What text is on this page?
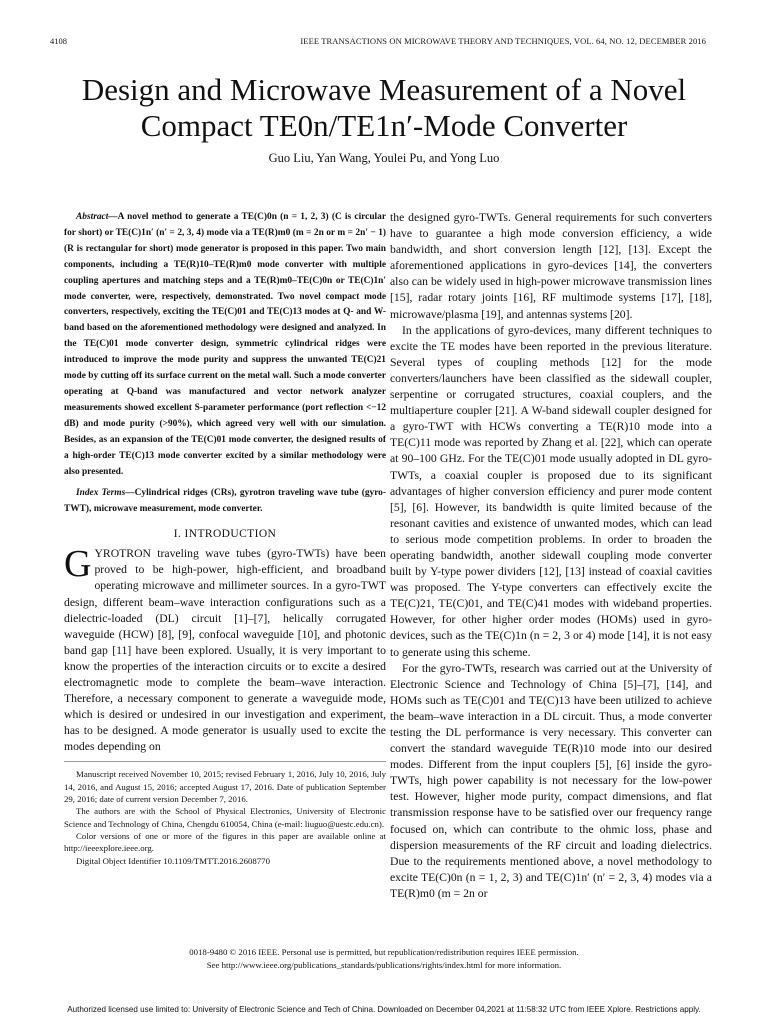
4108	IEEE TRANSACTIONS ON MICROWAVE THEORY AND TECHNIQUES, VOL. 64, NO. 12, DECEMBER 2016
Design and Microwave Measurement of a Novel
Compact TE0n/TE1n′-Mode Converter
Guo Liu, Yan Wang, Youlei Pu, and Yong Luo

Abstract—A novel method to generate a TE(C)0n (n = 1, 2, 3) (C is circular for short) or TE(C)1n′ (n′ = 2, 3, 4) mode via a TE(R)m0 (m = 2n or m = 2n′ − 1) (R is rectangular for short) mode generator is proposed in this paper. Two main components, including a TE(R)10–TE(R)m0 mode converter with multiple coupling apertures and matching steps and a TE(R)m0–TE(C)0n or TE(C)1n′ mode converter, were, respectively, demonstrated. Two novel compact mode converters, respectively, exciting the TE(C)01 and TE(C)13 modes at Q- and W-band based on the aforementioned methodology were designed and analyzed. In the TE(C)01 mode converter design, symmetric cylindrical ridges were introduced to improve the mode purity and suppress the unwanted TE(C)21 mode by cutting off its surface current on the metal wall. Such a mode converter operating at Q-band was manufactured and vector network analyzer measurements showed excellent S-parameter performance (port reflection <−12 dB) and mode purity (>90%), which agreed very well with our simulation. Besides, as an expansion of the TE(C)01 mode converter, the designed results of a high-order TE(C)13 mode converter excited by a similar methodology were also presented.

Index Terms—Cylindrical ridges (CRs), gyrotron traveling wave tube (gyro-TWT), microwave measurement, mode converter.

I. INTRODUCTION

GYROTRON traveling wave tubes (gyro-TWTs) have been proved to be high-power, high-efficient, and broadband operating microwave and millimeter sources. In a gyro-TWT design, different beam–wave interaction configurations such as a dielectric-loaded (DL) circuit [1]–[7], helically corrugated waveguide (HCW) [8], [9], confocal waveguide [10], and photonic band gap [11] have been explored. Usually, it is very important to know the properties of the interaction circuits or to excite a desired electromagnetic mode to complete the beam–wave interaction. Therefore, a necessary component to generate a waveguide mode, which is desired or undesired in our investigation and experiment, has to be designed. A mode generator is usually used to excite the modes depending on

Manuscript received November 10, 2015; revised February 1, 2016, July 10, 2016, July 14, 2016, and August 15, 2016; accepted August 17, 2016. Date of publication September 29, 2016; date of current version December 7, 2016.

The authors are with the School of Physical Electronics, University of Electronic Science and Technology of China, Chengdu 610054, China (e-mail: liuguo@uestc.edu.cn).

Color versions of one or more of the figures in this paper are available online at http://ieeexplore.ieee.org.

Digital Object Identifier 10.1109/TMTT.2016.2608770

the designed gyro-TWTs. General requirements for such converters have to guarantee a high mode conversion efficiency, a wide bandwidth, and short conversion length [12], [13]. Except the aforementioned applications in gyro-devices [14], the converters also can be widely used in high-power microwave transmission lines [15], radar rotary joints [16], RF multimode systems [17], [18], microwave/plasma [19], and antennas systems [20].

In the applications of gyro-devices, many different techniques to excite the TE modes have been reported in the previous literature. Several types of coupling methods [12] for the mode converters/launchers have been classified as the sidewall coupler, serpentine or corrugated structures, coaxial couplers, and the multiaperture coupler [21]. A W-band sidewall coupler designed for a gyro-TWT with HCWs converting a TE(R)10 mode into a TE(C)11 mode was reported by Zhang et al. [22], which can operate at 90–100 GHz. For the TE(C)01 mode usually adopted in DL gyro-TWTs, a coaxial coupler is proposed due to its significant advantages of higher conversion efficiency and purer mode content [5], [6]. However, its bandwidth is quite limited because of the resonant cavities and existence of unwanted modes, which can lead to serious mode competition problems. In order to broaden the operating bandwidth, another sidewall coupling mode converter built by Y-type power dividers [12], [13] instead of coaxial cavities was proposed. The Y-type converters can effectively excite the TE(C)21, TE(C)01, and TE(C)41 modes with wideband properties. However, for other higher order modes (HOMs) used in gyro-devices, such as the TE(C)1n (n = 2, 3 or 4) mode [14], it is not easy to generate using this scheme.

For the gyro-TWTs, research was carried out at the University of Electronic Science and Technology of China [5]–[7], [14], and HOMs such as TE(C)01 and TE(C)13 have been utilized to achieve the beam–wave interaction in a DL circuit. Thus, a mode converter testing the DL performance is very necessary. This converter can convert the standard waveguide TE(R)10 mode into our desired modes. Different from the input couplers [5], [6] inside the gyro-TWTs, high power capability is not necessary for the low-power test. However, higher mode purity, compact dimensions, and flat transmission response have to be satisfied over our frequency range focused on, which can contribute to the ohmic loss, phase and dispersion measurements of the RF circuit and loading dielectrics. Due to the requirements mentioned above, a novel methodology to excite TE(C)0n (n = 1, 2, 3) and TE(C)1n′ (n′ = 2, 3, 4) modes via a TE(R)m0 (m = 2n or

0018-9480 © 2016 IEEE. Personal use is permitted, but republication/redistribution requires IEEE permission.
See http://www.ieee.org/publications_standards/publications/rights/index.html for more information.
Authorized licensed use limited to: University of Electronic Science and Tech of China. Downloaded on December 04,2021 at 11:58:32 UTC from IEEE Xplore. Restrictions apply.
